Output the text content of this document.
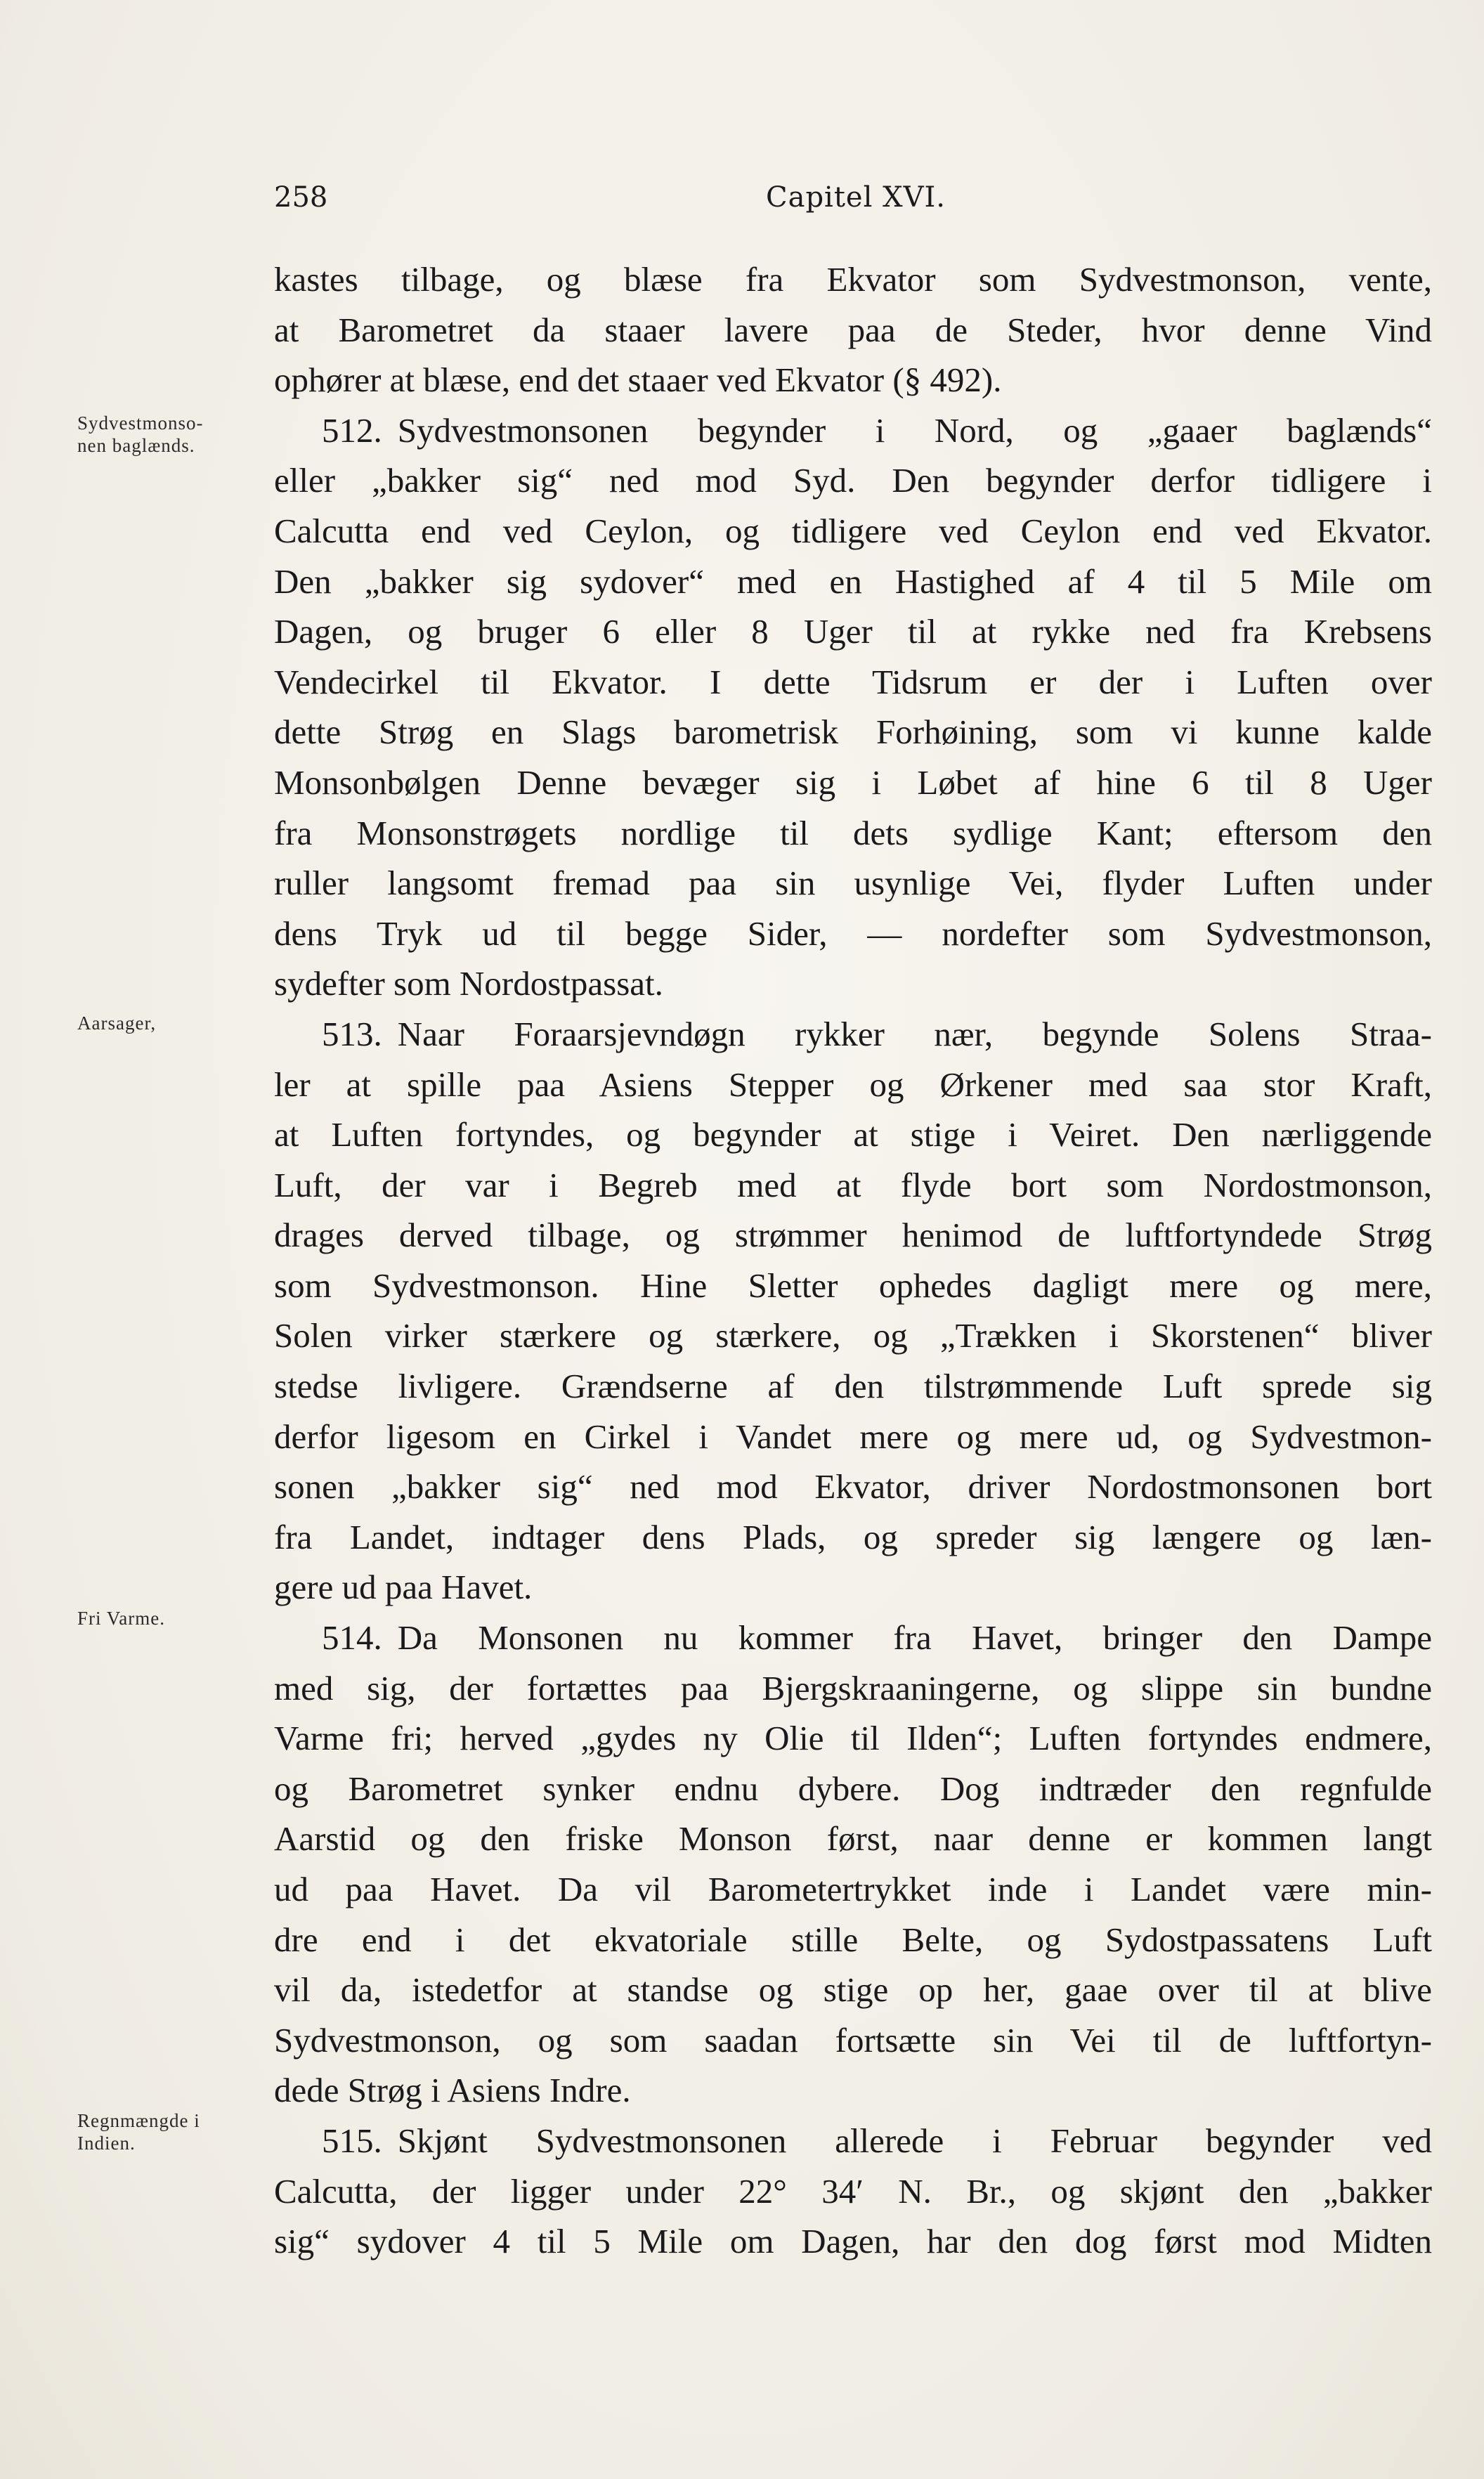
258	Capitel XVI.
Sydvestmonso-
nen baglænds.
Aarsager,
Fri Varme.
Regnmængde i
Indien.

kastes tilbage, og blæse fra Ekvator som Sydvestmonson, vente,

at Barometret da staaer lavere paa de Steder, hvor denne Vind

ophører at blæse, end det staaer ved Ekvator (§ 492).

512. Sydvestmonsonen begynder i Nord, og „gaaer baglænds“

eller „bakker sig“ ned mod Syd. Den begynder derfor tidligere i

Calcutta end ved Ceylon, og tidligere ved Ceylon end ved Ekvator.

Den „bakker sig sydover“ med en Hastighed af 4 til 5 Mile om

Dagen, og bruger 6 eller 8 Uger til at rykke ned fra Krebsens

Vendecirkel til Ekvator. I dette Tidsrum er der i Luften over

dette Strøg en Slags barometrisk Forhøining, som vi kunne kalde

Monsonbølgen Denne bevæger sig i Løbet af hine 6 til 8 Uger

fra Monsonstrøgets nordlige til dets sydlige Kant; eftersom den

ruller langsomt fremad paa sin usynlige Vei, flyder Luften under

dens Tryk ud til begge Sider, — nordefter som Sydvestmonson,

sydefter som Nordostpassat.

513. Naar Foraarsjevndøgn rykker nær, begynde Solens Straa-

ler at spille paa Asiens Stepper og Ørkener med saa stor Kraft,

at Luften fortyndes, og begynder at stige i Veiret. Den nærliggende

Luft, der var i Begreb med at flyde bort som Nordostmonson,

drages derved tilbage, og strømmer henimod de luftfortyndede Strøg

som Sydvestmonson. Hine Sletter ophedes dagligt mere og mere,

Solen virker stærkere og stærkere, og „Trækken i Skorstenen“ bliver

stedse livligere. Grændserne af den tilstrømmende Luft sprede sig

derfor ligesom en Cirkel i Vandet mere og mere ud, og Sydvestmon-

sonen „bakker sig“ ned mod Ekvator, driver Nordostmonsonen bort

fra Landet, indtager dens Plads, og spreder sig længere og læn-

gere ud paa Havet.

514. Da Monsonen nu kommer fra Havet, bringer den Dampe

med sig, der fortættes paa Bjergskraaningerne, og slippe sin bundne

Varme fri; herved „gydes ny Olie til Ilden“; Luften fortyndes endmere,

og Barometret synker endnu dybere. Dog indtræder den regnfulde

Aarstid og den friske Monson først, naar denne er kommen langt

ud paa Havet. Da vil Barometertrykket inde i Landet være min-

dre end i det ekvatoriale stille Belte, og Sydostpassatens Luft

vil da, istedetfor at standse og stige op her, gaae over til at blive

Sydvestmonson, og som saadan fortsætte sin Vei til de luftfortyn-

dede Strøg i Asiens Indre.

515. Skjønt Sydvestmonsonen allerede i Februar begynder ved

Calcutta, der ligger under 22° 34′ N. Br., og skjønt den „bakker

sig“ sydover 4 til 5 Mile om Dagen, har den dog først mod Midten
